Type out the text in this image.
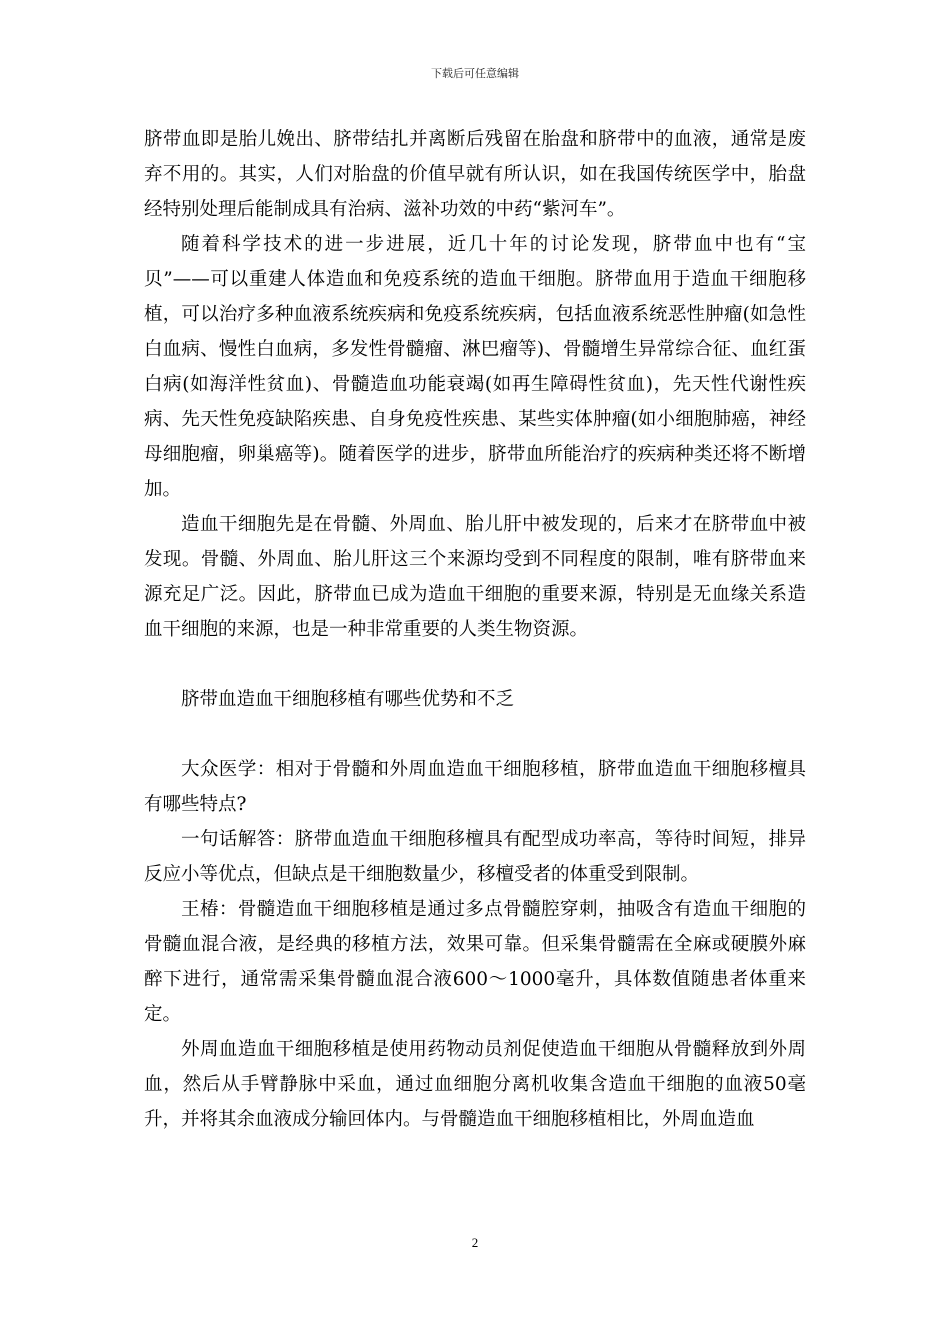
下载后可任意编辑

脐带血即是胎儿娩出、脐带结扎并离断后残留在胎盘和脐带中的血液，通常是废弃不用的。其实，人们对胎盘的价值早就有所认识，如在我国传统医学中，胎盘经特别处理后能制成具有治病、滋补功效的中药“紫河车”。

随着科学技术的进一步进展，近几十年的讨论发现，脐带血中也有“宝贝”——可以重建人体造血和免疫系统的造血干细胞。脐带血用于造血干细胞移植，可以治疗多种血液系统疾病和免疫系统疾病，包括血液系统恶性肿瘤(如急性白血病、慢性白血病，多发性骨髓瘤、淋巴瘤等)、骨髓增生异常综合征、血红蛋白病(如海洋性贫血)、骨髓造血功能衰竭(如再生障碍性贫血)，先天性代谢性疾病、先天性免疫缺陷疾患、自身免疫性疾患、某些实体肿瘤(如小细胞肺癌，神经母细胞瘤，卵巢癌等)。随着医学的进步，脐带血所能治疗的疾病种类还将不断增加。

造血干细胞先是在骨髓、外周血、胎儿肝中被发现的，后来才在脐带血中被发现。骨髓、外周血、胎儿肝这三个来源均受到不同程度的限制，唯有脐带血来源充足广泛。因此，脐带血已成为造血干细胞的重要来源，特别是无血缘关系造血干细胞的来源，也是一种非常重要的人类生物资源。

脐带血造血干细胞移植有哪些优势和不乏

大众医学：相对于骨髓和外周血造血干细胞移植，脐带血造血干细胞移檀具有哪些特点?

一句话解答：脐带血造血干细胞移檀具有配型成功率高，等待时间短，排异反应小等优点，但缺点是干细胞数量少，移檀受者的体重受到限制。

王椿：骨髓造血干细胞移植是通过多点骨髓腔穿刺，抽吸含有造血干细胞的骨髓血混合液，是经典的移植方法，效果可靠。但采集骨髓需在全麻或硬膜外麻醉下进行，通常需采集骨髓血混合液600～1000毫升，具体数值随患者体重来定。

外周血造血干细胞移植是使用药物动员剂促使造血干细胞从骨髓释放到外周血，然后从手臂静脉中采血，通过血细胞分离机收集含造血干细胞的血液50毫升，并将其余血液成分输回体内。与骨髓造血干细胞移植相比，外周血造血

2
